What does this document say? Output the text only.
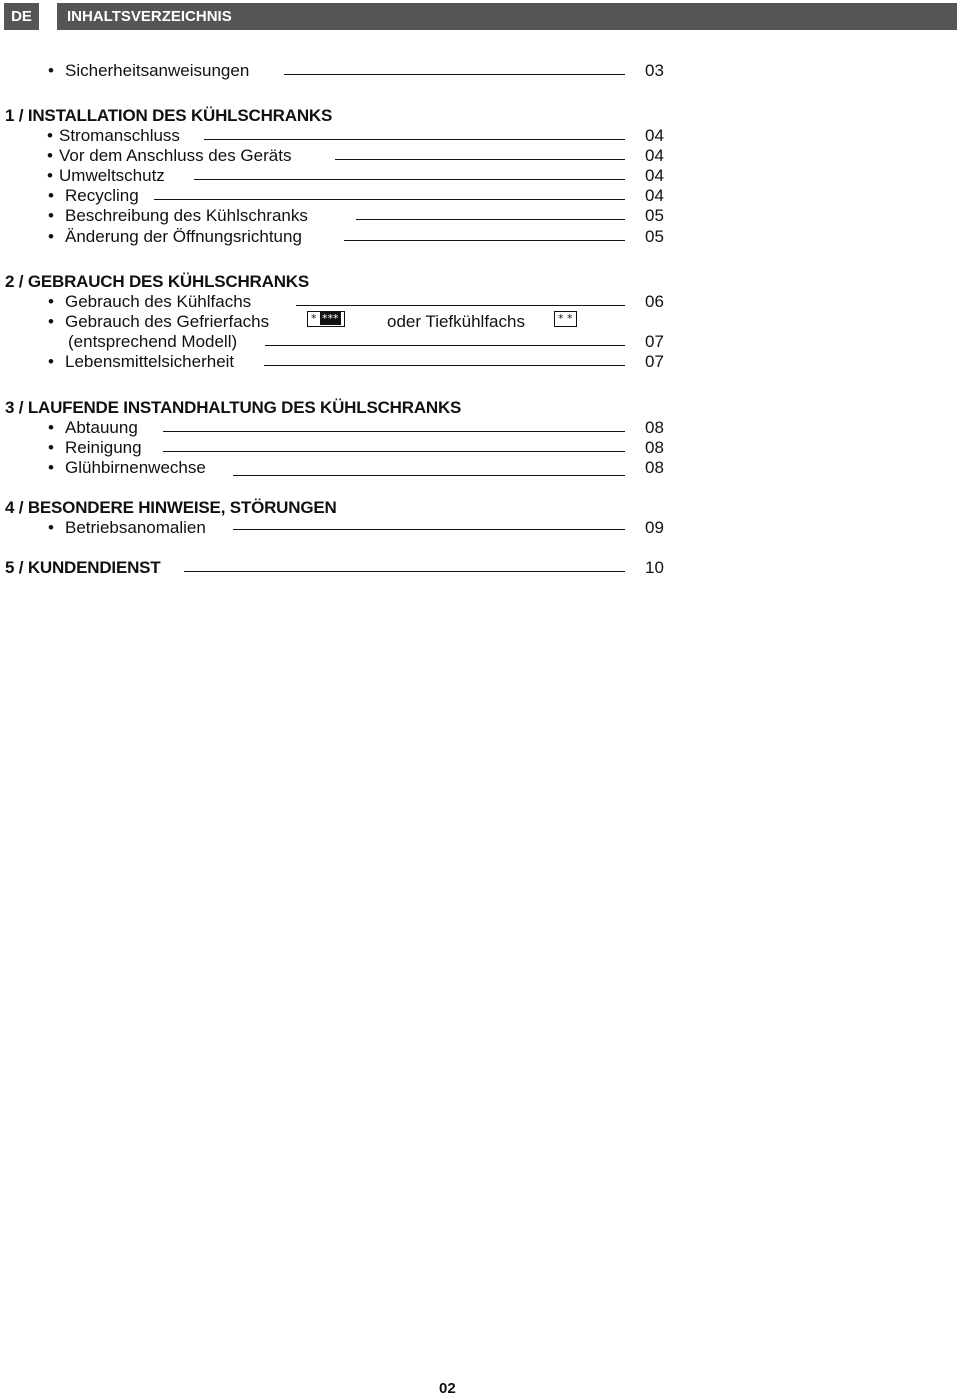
DE	INHALTSVERZEICHNIS
• Sicherheitsanweisungen	03
1 / INSTALLATION DES KÜHLSCHRANKS
• Stromanschluss	04
• Vor dem Anschluss des Geräts	04
• Umweltschutz	04
• Recycling	04
• Beschreibung des Kühlschranks	05
• Änderung der Öffnungsrichtung	05
2 / GEBRAUCH DES KÜHLSCHRANKS
• Gebrauch des Kühlfachs	06
• Gebrauch des Gefrierfachs	* ***	oder Tiefkühlfachs	* *
(entsprechend Modell)	07
• Lebensmittelsicherheit	07
3 / LAUFENDE INSTANDHALTUNG DES KÜHLSCHRANKS
• Abtauung	08
• Reinigung	08
• Glühbirnenwechse	08
4 / BESONDERE HINWEISE, STÖRUNGEN
• Betriebsanomalien	09
5 / KUNDENDIENST	10
02
